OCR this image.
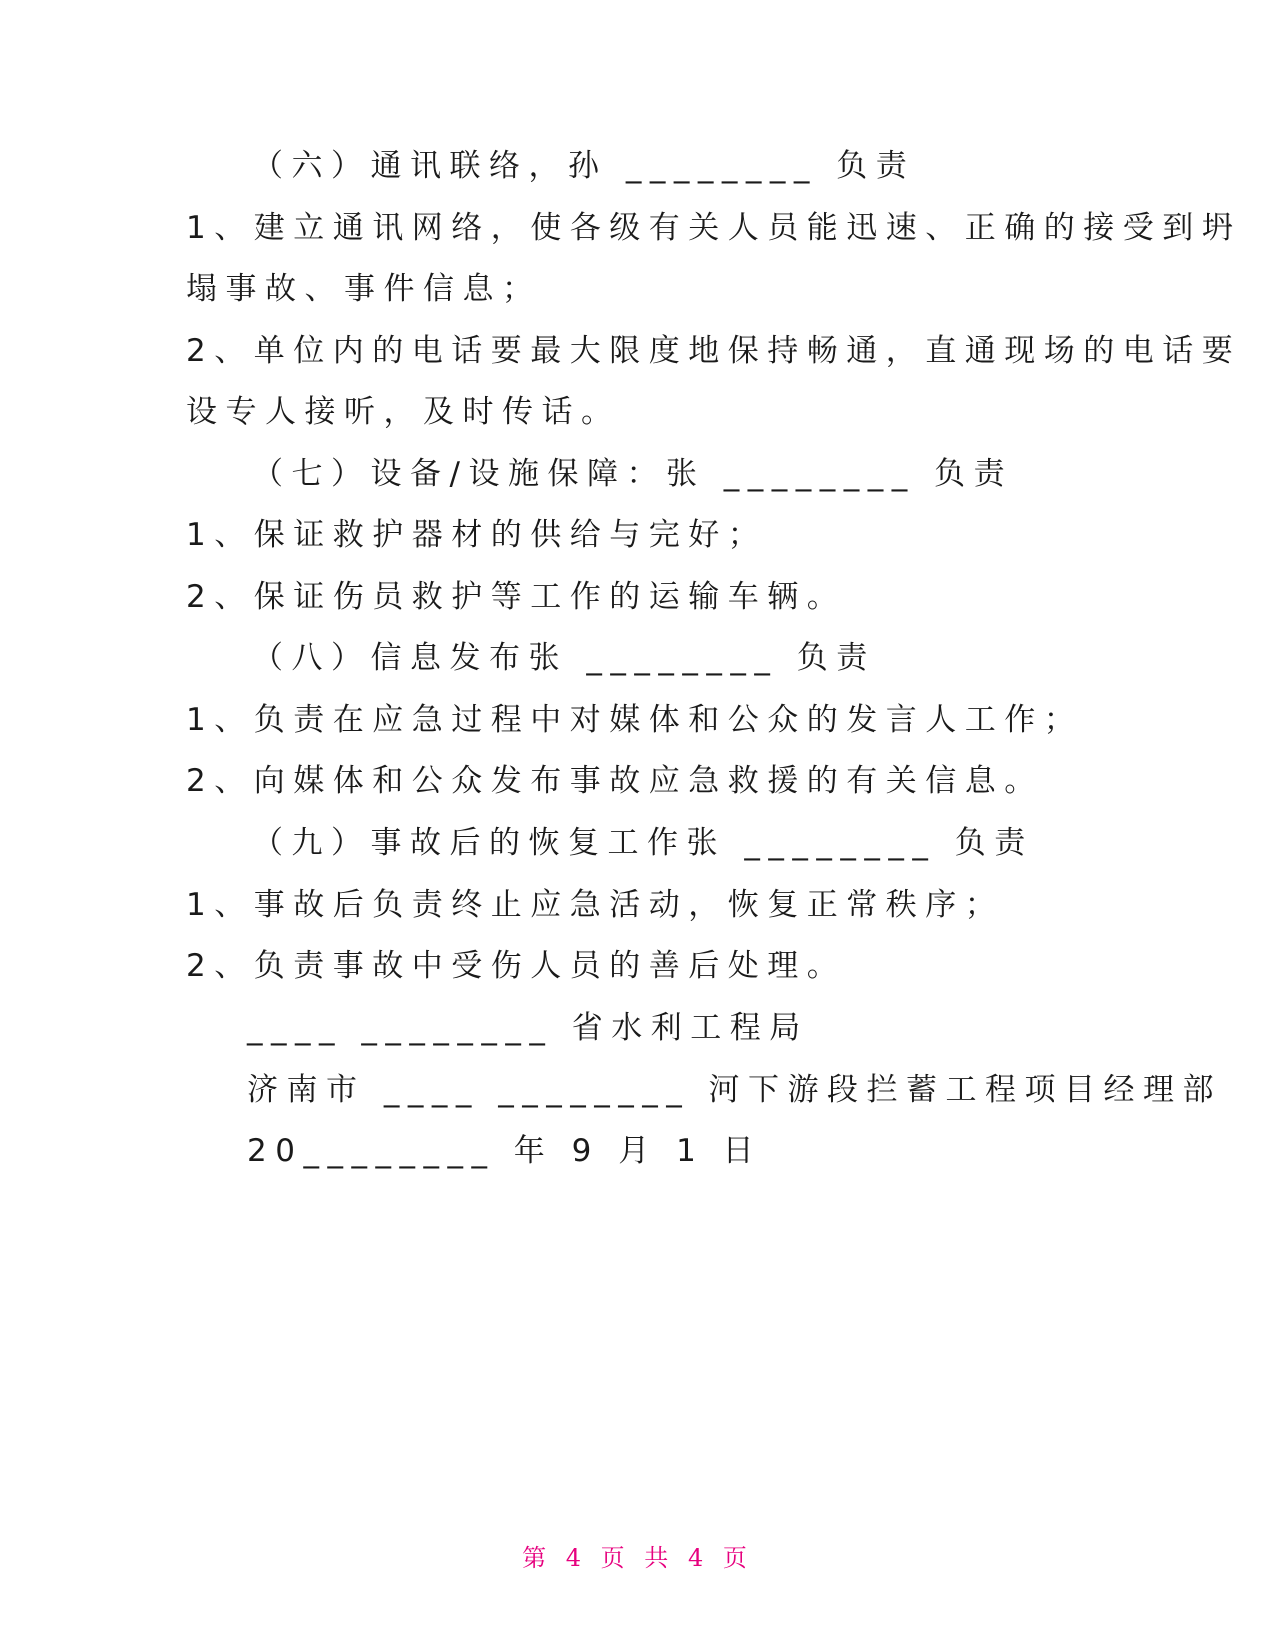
（六）通讯联络，孙 ________ 负责
1、建立通讯网络，使各级有关人员能迅速、正确的接受到坍
塌事故、事件信息；
2、单位内的电话要最大限度地保持畅通，直通现场的电话要
设专人接听，及时传话。
（七）设备/设施保障：张 ________ 负责
1、保证救护器材的供给与完好；
2、保证伤员救护等工作的运输车辆。
（八）信息发布张 ________ 负责
1、负责在应急过程中对媒体和公众的发言人工作；
2、向媒体和公众发布事故应急救援的有关信息。
（九）事故后的恢复工作张 ________ 负责
1、事故后负责终止应急活动，恢复正常秩序；
2、负责事故中受伤人员的善后处理。
____ ________ 省水利工程局
济南市 ____ ________ 河下游段拦蓄工程项目经理部
20________ 年 9 月 1 日
第 4 页 共 4 页
